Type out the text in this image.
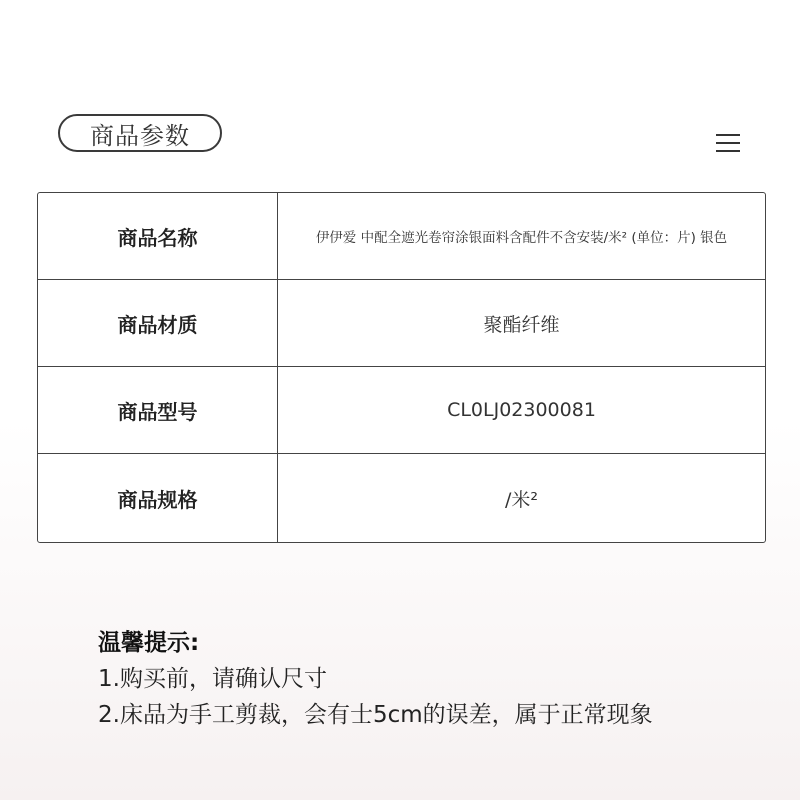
商品参数
商品名称	伊伊爱 中配全遮光卷帘涂银面料含配件不含安装/米² (单位：片) 银色
商品材质	聚酯纤维
商品型号	CL0LJ02300081
商品规格	/米²
温馨提示:
1.购买前，请确认尺寸
2.床品为手工剪裁，会有士5cm的误差，属于正常现象
